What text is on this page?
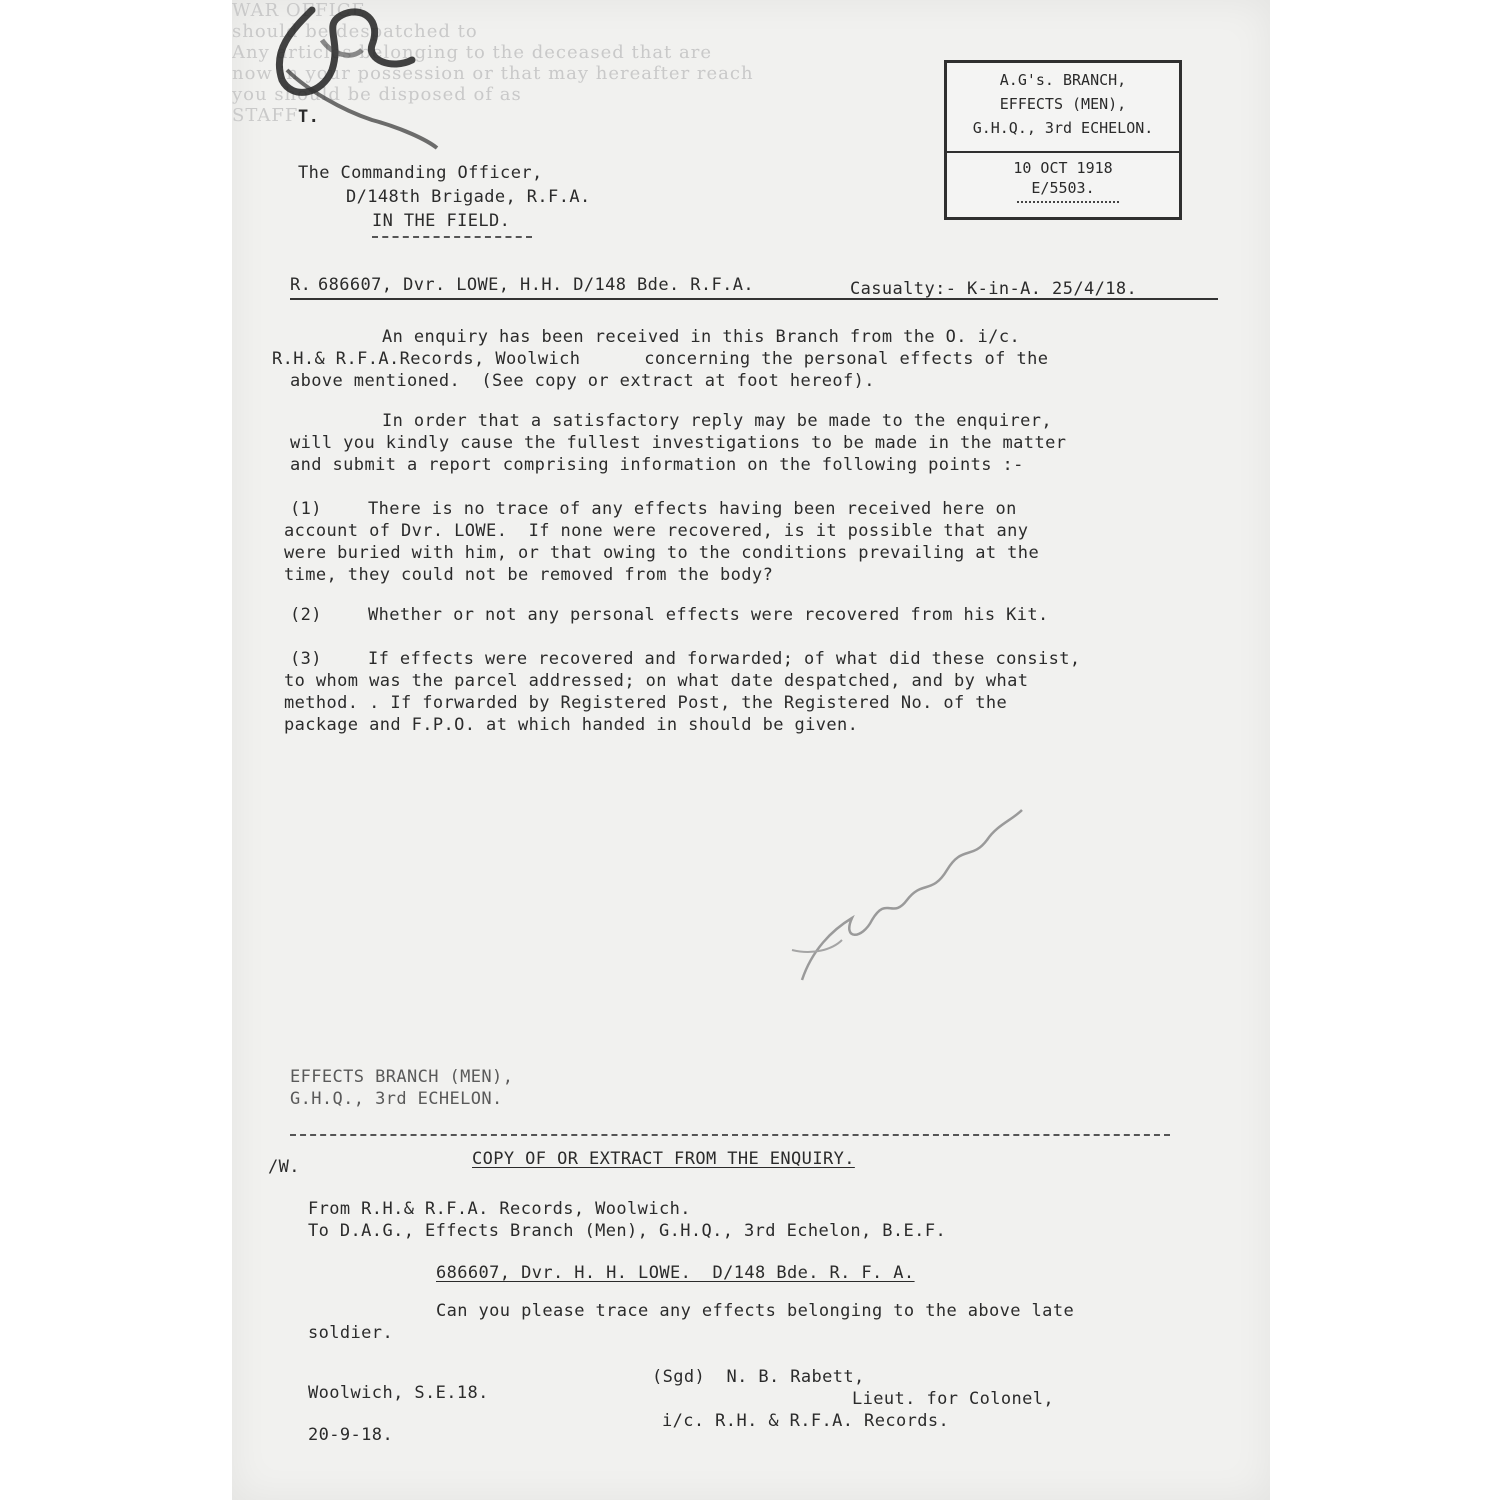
T.
The Commanding Officer,
D/148th Brigade, R.F.A.
IN THE FIELD.
A.G's. BRANCH,
EFFECTS (MEN),
G.H.Q., 3rd ECHELON.
10 OCT 1918
E/5503.
WAR OFFICE
R. 686607, Dvr. LOWE, H.H. D/148 Bde. R.F.A.	Casualty:- K-in-A. 25/4/18.
An enquiry has been received in this Branch from the O. i/c.
R.H.& R.F.A.Records, Woolwich      concerning the personal effects of the
above mentioned.  (See copy or extract at foot hereof).
In order that a satisfactory reply may be made to the enquirer,
will you kindly cause the fullest investigations to be made in the matter
and submit a report comprising information on the following points :-
(1)	There is no trace of any effects having been received here on
account of Dvr. LOWE.  If none were recovered, is it possible that any
were buried with him, or that owing to the conditions prevailing at the
time, they could not be removed from the body?
(2)	Whether or not any personal effects were recovered from his Kit.
(3)	If effects were recovered and forwarded; of what did these consist,
to whom was the parcel addressed; on what date despatched, and by what
method. . If forwarded by Registered Post, the Registered No. of the
package and F.P.O. at which handed in should be given.
should be despatched to
Any articles belonging to the deceased that are
now in your possession or that may hereafter reach
you should be disposed of as
STAFF
EFFECTS BRANCH (MEN),
G.H.Q., 3rd ECHELON.
/W.	COPY OF OR EXTRACT FROM THE ENQUIRY.
From R.H.& R.F.A. Records, Woolwich.
To D.A.G., Effects Branch (Men), G.H.Q., 3rd Echelon, B.E.F.
686607, Dvr. H. H. LOWE.  D/148 Bde. R. F. A.
Can you please trace any effects belonging to the above late
soldier.
(Sgd)  N. B. Rabett,
Woolwich, S.E.18.	Lieut. for Colonel,
i/c. R.H. & R.F.A. Records.
20-9-18.
